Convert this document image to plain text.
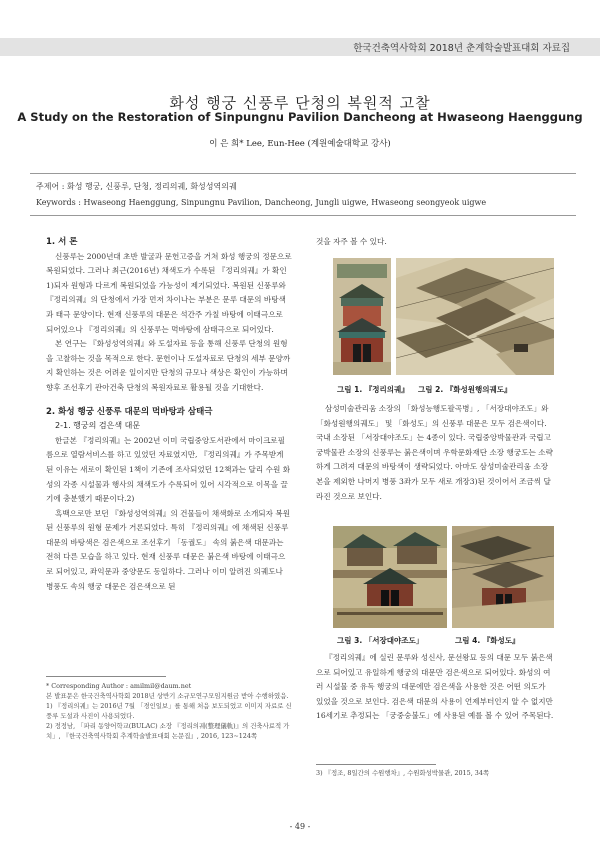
한국건축역사학회 2018년 춘계학술발표대회 자료집
화성 행궁 신풍루 단청의 복원적 고찰
A Study on the Restoration of Sinpungnu Pavilion Dancheong at Hwaseong Haenggung
이 은 희* Lee, Eun-Hee (계원예술대학교 강사)
주제어 : 화성 행궁, 신풍루, 단청, 정리의궤, 화성성역의궤
Keywords : Hwaseong Haenggung, Sinpungnu Pavilion, Dancheong, Jungli uigwe, Hwaseong seongyeok uigwe

1. 서 론

신풍루는 2000년대 초반 발굴과 문헌고증을 거쳐 화성 행궁의 정문으로 복원되었다. 그러나 최근(2016년) 채색도가 수록된 『정리의궤』가 확인1)되자 원형과 다르게 복원되었을 가능성이 제기되었다. 복원된 신풍루와 『정리의궤』의 단청에서 가장 먼저 차이나는 부분은 문루 대문의 바탕색과 태극 문양이다. 현재 신풍루의 대문은 석간주 가칠 바탕에 이태극으로 되어있으나 『정리의궤』의 신풍루는 먹바탕에 삼태극으로 되어있다.

본 연구는 『화성성역의궤』와 도설자료 등을 통해 신풍루 단청의 원형을 고찰하는 것을 목적으로 한다. 문헌이나 도설자료로 단청의 세부 문양까지 확인하는 것은 어려운 일이지만 단청의 규모나 색상은 확인이 가능하며 향후 조선후기 관아건축 단청의 복원자료로 활용될 것을 기대한다.

2. 화성 행궁 신풍루 대문의 먹바탕과 삼태극

2-1. 행궁의 검은색 대문

한글본 『정리의궤』는 2002년 이미 국립중앙도서관에서 마이크로필름으로 열람서비스를 하고 있었던 자료였지만, 『정리의궤』가 주목받게 된 이유는 새로이 확인된 1책이 기존에 조사되었던 12책과는 달리 수원 화성의 각종 시설물과 행사의 채색도가 수록되어 있어 시각적으로 이목을 끌기에 충분했기 때문이다.2)

흑백으로만 보던 『화성성역의궤』의 건물들이 채색화로 소개되자 복원된 신풍루의 원형 문제가 거론되었다. 특히 『정리의궤』에 채색된 신풍루 대문의 바탕색은 검은색으로 조선후기 「동궐도」 속의 붉은색 대문과는 전혀 다른 모습을 하고 있다. 현재 신풍루 대문은 붉은색 바탕에 이태극으로 되어있고, 좌익문과 중양문도 동일하다. 그러나 이미 알려진 의궤도나 병풍도 속의 행궁 대문은 검은색으로 된

* Corresponding Author : amilmil@daum.net

본 발표문은 한국건축역사학회 2018년 상반기 소규모연구모임지원금 받아 수행하였음.

1) 『정리의궤』는 2016년 7월 「경인일보」를 통해 처음 보도되었고 이미지 자료로 신풍루 도설과 사진이 사용되었다.

2) 정정남, 「파리 동양어학교(BULAC) 소장 『정리의궤(整理儀軌)』의 건축사료적 가치」, 『한국건축역사학회 추계학술발표대회 논문집』, 2016, 123∼124쪽

것을 자주 볼 수 있다.

그림 1. 『정리의궤』 그림 2. 『화성원행의궤도』

삼성미술관리움 소장의 「화성능행도팔곡병」, 「서장대야조도」와 「화성원행의궤도」 및 「화성도」의 신풍루 대문은 모두 검은색이다. 국내 소장된 「서장대야조도」는 4종이 있다. 국립중앙박물관과 국립고궁박물관 소장의 신풍루는 붉은색이며 우학문화재단 소장 행궁도는 소략하게 그려져 대문의 바탕색이 생략되었다. 아마도 삼성미술관리움 소장본을 제외한 나머지 병풍 3좌가 모두 새로 개장3)된 것이어서 조금씩 달라진 것으로 보인다.

그림 3. 「서장대야조도」	그림 4. 『화성도』

『정리의궤』에 실린 문루와 성신사, 문선왕묘 등의 대문 모두 붉은색으로 되어있고 유일하게 행궁의 대문만 검은색으로 되어있다. 화성의 여러 시설물 중 유독 행궁의 대문에만 검은색을 사용한 것은 어떤 의도가 있었을 것으로 보인다. 검은색 대문의 사용이 언제부터인지 알 수 없지만 16세기로 추정되는 「궁중숭불도」에 사용된 예를 볼 수 있어 주목된다.

3) 『정조, 8일간의 수원행차』, 수원화성박물관, 2015, 34쪽

- 49 -
